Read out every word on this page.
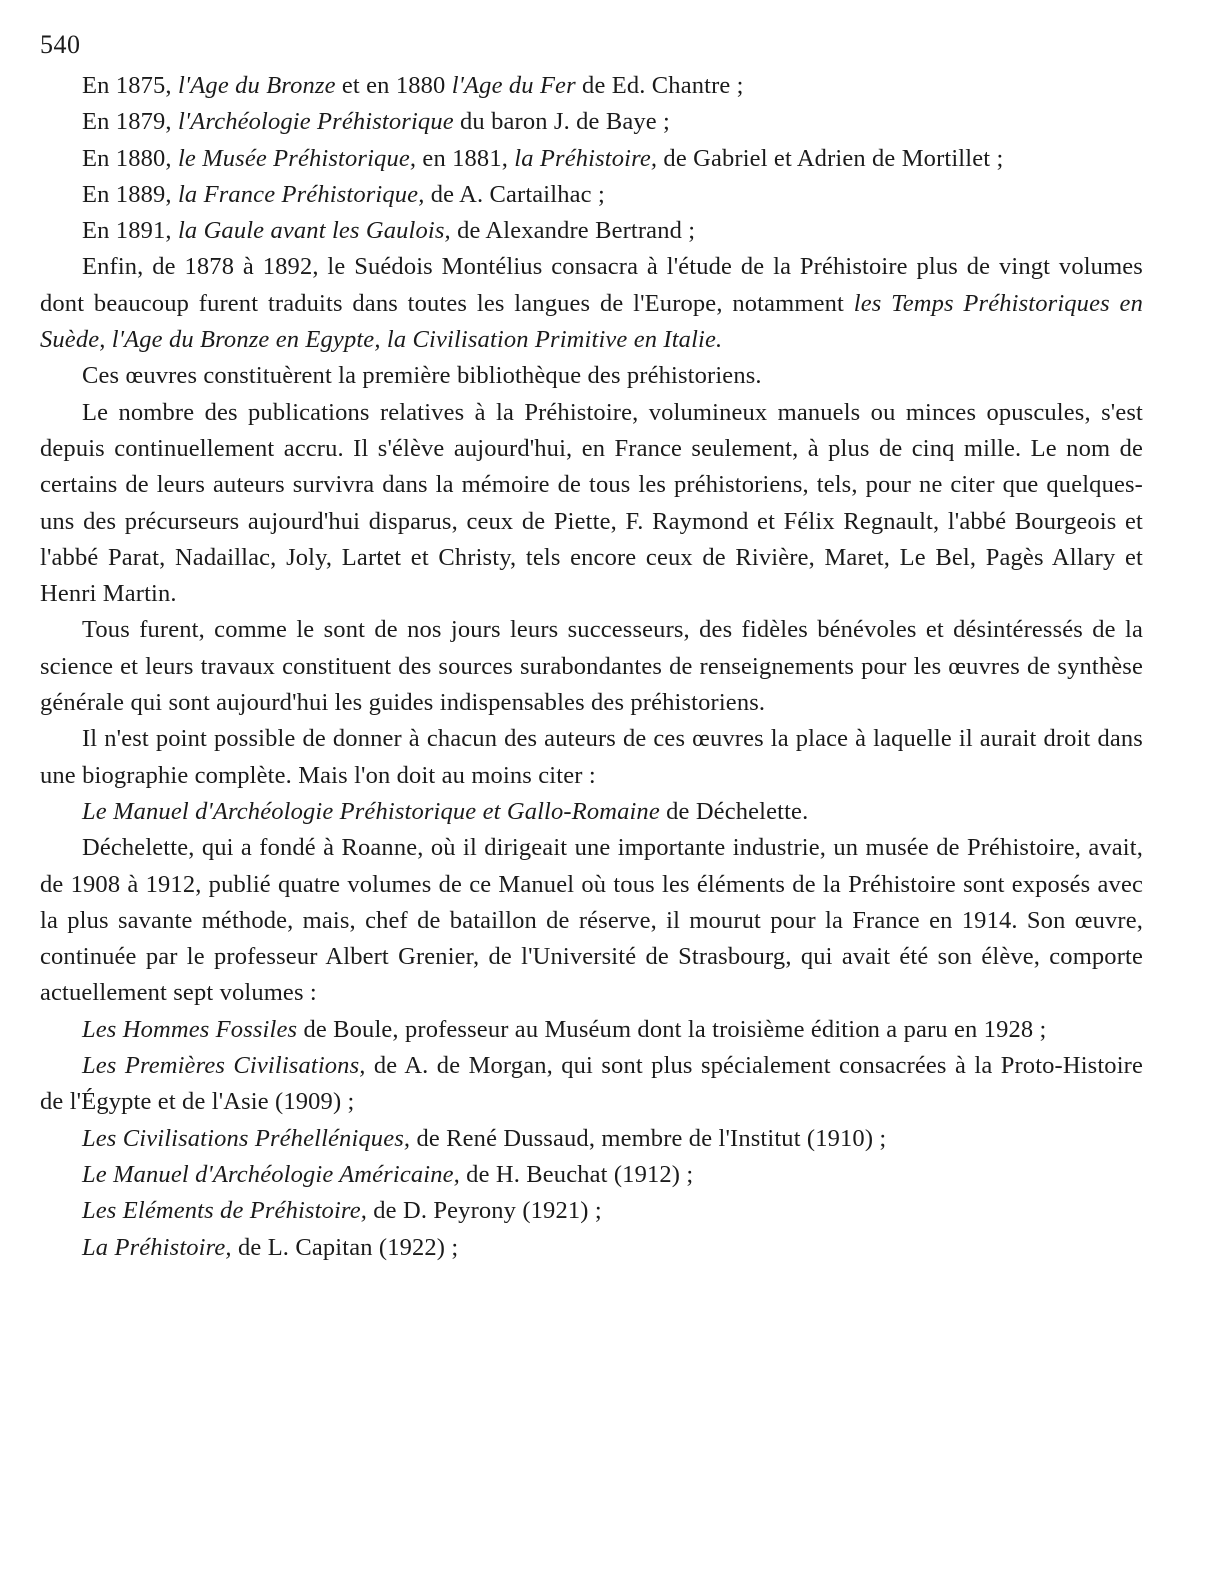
540

En 1875, l'Age du Bronze et en 1880 l'Age du Fer de Ed. Chantre ;

En 1879, l'Archéologie Préhistorique du baron J. de Baye ;

En 1880, le Musée Préhistorique, en 1881, la Préhistoire, de Gabriel et Adrien de Mortillet ;

En 1889, la France Préhistorique, de A. Cartailhac ;

En 1891, la Gaule avant les Gaulois, de Alexandre Bertrand ;

Enfin, de 1878 à 1892, le Suédois Montélius consacra à l'étude de la Préhistoire plus de vingt volumes dont beaucoup furent traduits dans toutes les langues de l'Europe, notamment les Temps Préhistoriques en Suède, l'Age du Bronze en Egypte, la Civilisation Primitive en Italie.

Ces œuvres constituèrent la première bibliothèque des préhistoriens.

Le nombre des publications relatives à la Préhistoire, volumineux manuels ou minces opuscules, s'est depuis continuellement accru. Il s'élève aujourd'hui, en France seulement, à plus de cinq mille. Le nom de certains de leurs auteurs survivra dans la mémoire de tous les préhistoriens, tels, pour ne citer que quelques-uns des précurseurs aujourd'hui disparus, ceux de Piette, F. Raymond et Félix Regnault, l'abbé Bourgeois et l'abbé Parat, Nadaillac, Joly, Lartet et Christy, tels encore ceux de Rivière, Maret, Le Bel, Pagès Allary et Henri Martin.

Tous furent, comme le sont de nos jours leurs successeurs, des fidèles bénévoles et désintéressés de la science et leurs travaux constituent des sources surabondantes de renseignements pour les œuvres de synthèse générale qui sont aujourd'hui les guides indispensables des préhistoriens.

Il n'est point possible de donner à chacun des auteurs de ces œuvres la place à laquelle il aurait droit dans une biographie complète. Mais l'on doit au moins citer :

Le Manuel d'Archéologie Préhistorique et Gallo-Romaine de Déchelette.

Déchelette, qui a fondé à Roanne, où il dirigeait une importante industrie, un musée de Préhistoire, avait, de 1908 à 1912, publié quatre volumes de ce Manuel où tous les éléments de la Préhistoire sont exposés avec la plus savante méthode, mais, chef de bataillon de réserve, il mourut pour la France en 1914. Son œuvre, continuée par le professeur Albert Grenier, de l'Université de Strasbourg, qui avait été son élève, comporte actuellement sept volumes :

Les Hommes Fossiles de Boule, professeur au Muséum dont la troisième édition a paru en 1928 ;

Les Premières Civilisations, de A. de Morgan, qui sont plus spécialement consacrées à la Proto-Histoire de l'Égypte et de l'Asie (1909) ;

Les Civilisations Préhelléniques, de René Dussaud, membre de l'Institut (1910) ;

Le Manuel d'Archéologie Américaine, de H. Beuchat (1912) ;

Les Eléments de Préhistoire, de D. Peyrony (1921) ;

La Préhistoire, de L. Capitan (1922) ;
